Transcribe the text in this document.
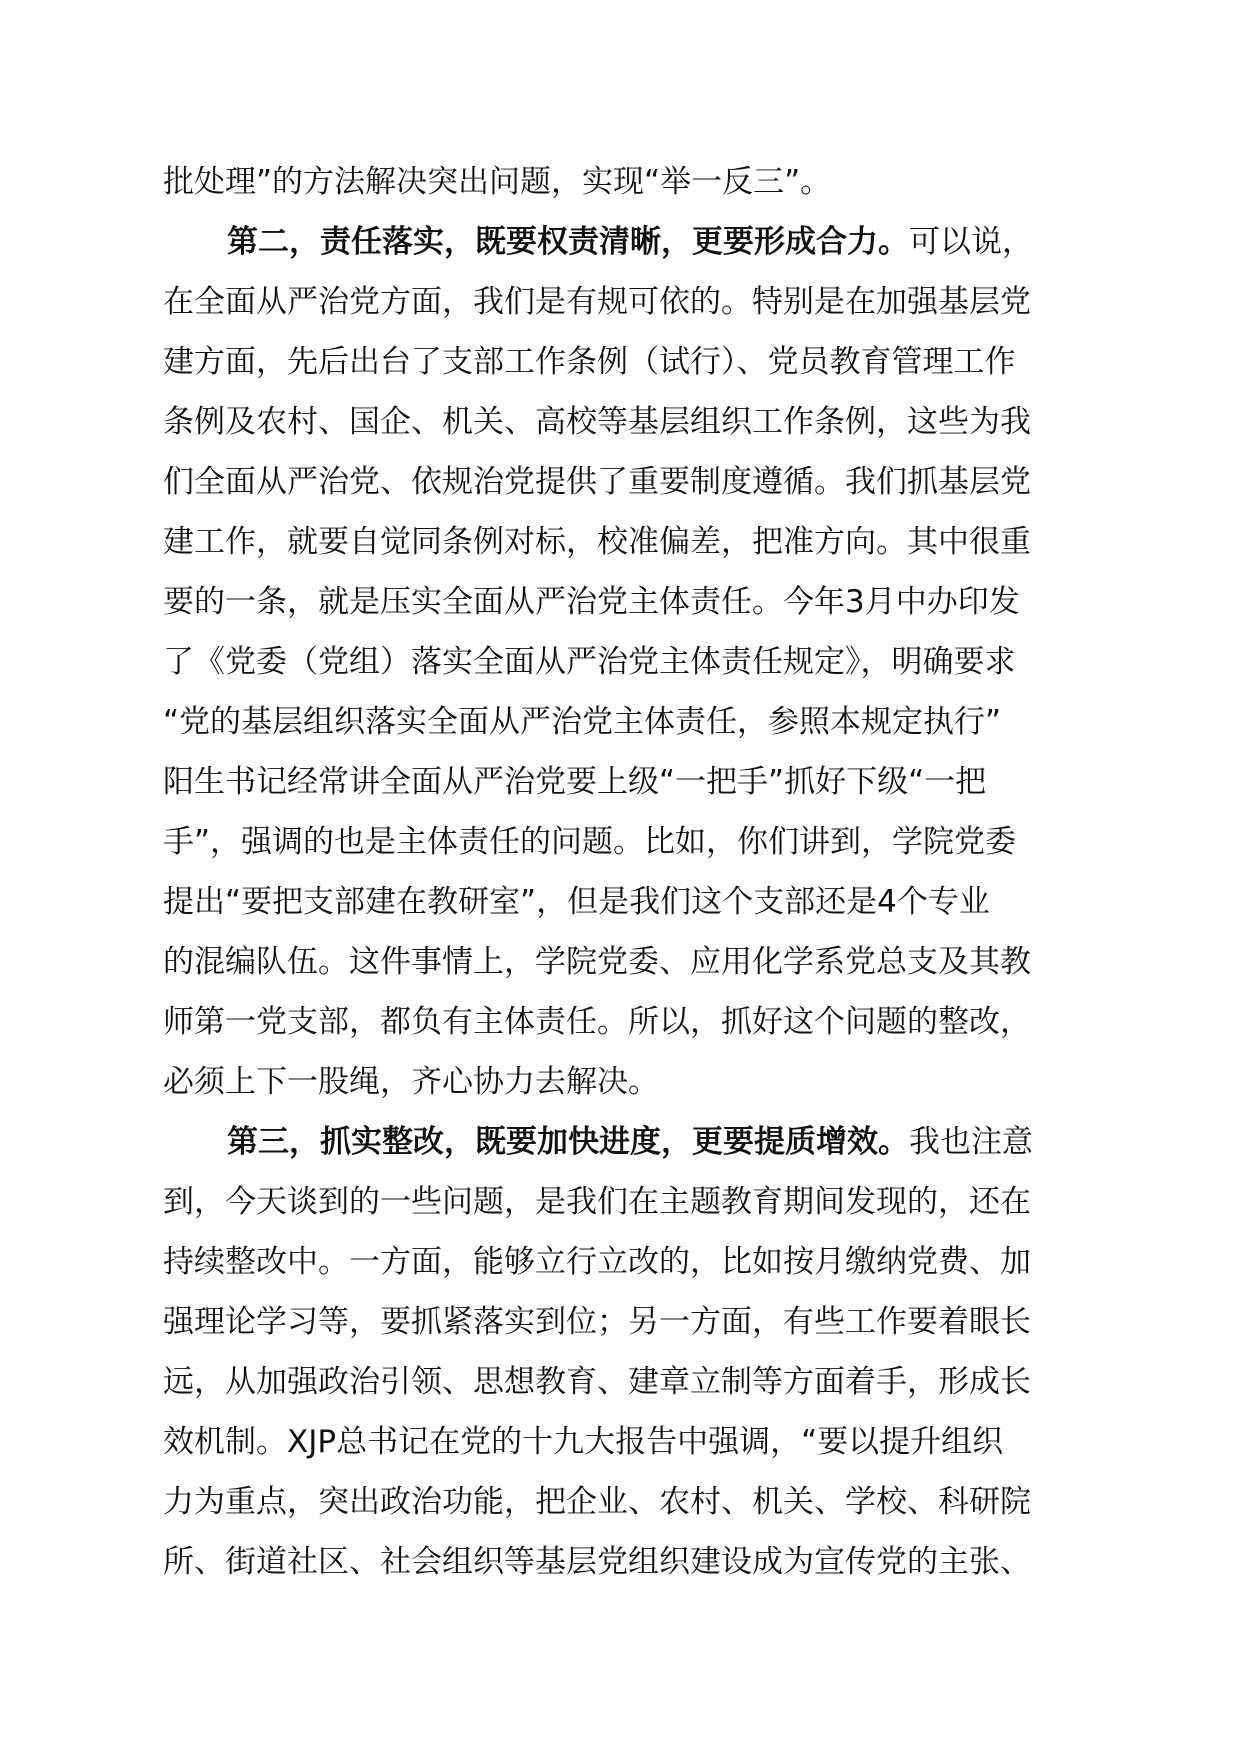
批处理”的方法解决突出问题，实现“举一反三”。
第二，责任落实，既要权责清晰，更要形成合力。可以说，
在全面从严治党方面，我们是有规可依的。特别是在加强基层党
建方面，先后出台了支部工作条例（试行）、党员教育管理工作
条例及农村、国企、机关、高校等基层组织工作条例，这些为我
们全面从严治党、依规治党提供了重要制度遵循。我们抓基层党
建工作，就要自觉同条例对标，校准偏差，把准方向。其中很重
要的一条，就是压实全面从严治党主体责任。今年3月中办印发
了《党委（党组）落实全面从严治党主体责任规定》，明确要求
“党的基层组织落实全面从严治党主体责任，参照本规定执行”
阳生书记经常讲全面从严治党要上级“一把手”抓好下级“一把
手”，强调的也是主体责任的问题。比如，你们讲到，学院党委
提出“要把支部建在教研室”，但是我们这个支部还是4个专业
的混编队伍。这件事情上，学院党委、应用化学系党总支及其教
师第一党支部，都负有主体责任。所以，抓好这个问题的整改，
必须上下一股绳，齐心协力去解决。
第三，抓实整改，既要加快进度，更要提质增效。我也注意
到，今天谈到的一些问题，是我们在主题教育期间发现的，还在
持续整改中。一方面，能够立行立改的，比如按月缴纳党费、加
强理论学习等，要抓紧落实到位；另一方面，有些工作要着眼长
远，从加强政治引领、思想教育、建章立制等方面着手，形成长
效机制。XJP总书记在党的十九大报告中强调，“要以提升组织
力为重点，突出政治功能，把企业、农村、机关、学校、科研院
所、街道社区、社会组织等基层党组织建设成为宣传党的主张、
